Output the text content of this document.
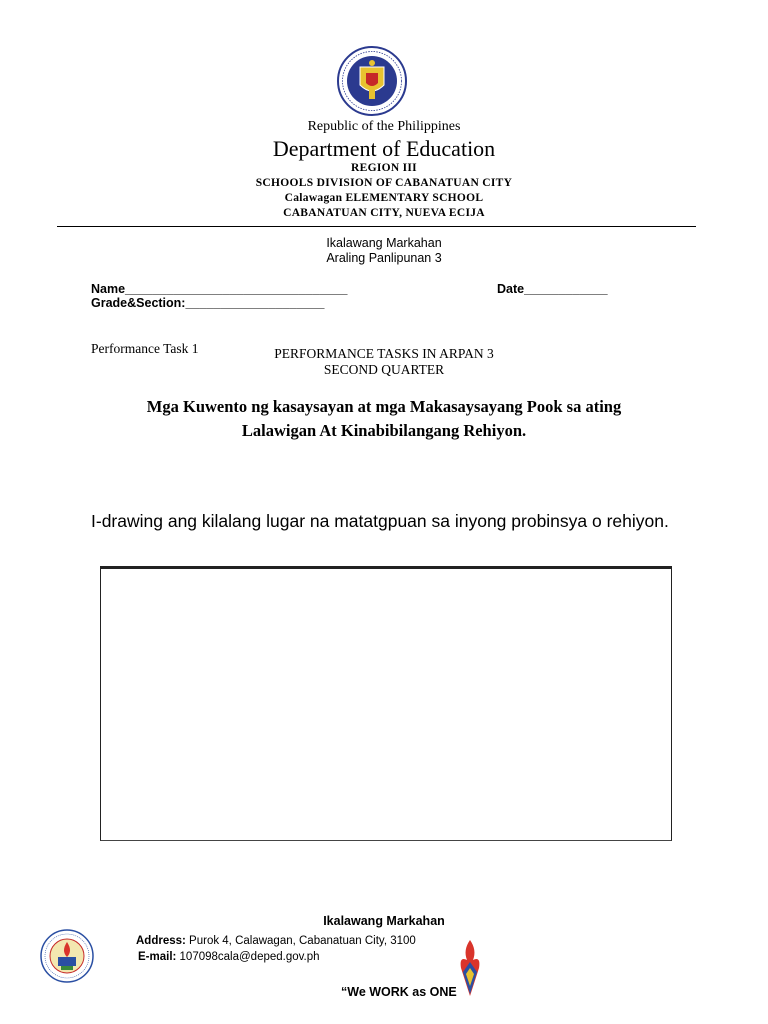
Republic of the Philippines
Department of Education
REGION III
SCHOOLS DIVISION OF CABANATUAN CITY
Calawagan ELEMENTARY SCHOOL
CABANATUAN CITY, NUEVA ECIJA
Ikalawang Markahan
Araling Panlipunan 3
Name________________________________	Date____________
Grade&Section:____________________
Performance Task 1	PERFORMANCE TASKS IN ARPAN 3
SECOND QUARTER
Mga Kuwento ng kasaysayan at mga Makasaysayang Pook sa ating
Lalawigan At Kinabibilangang Rehiyon.
I-drawing ang kilalang lugar na matatgpuan sa inyong probinsya o rehiyon.
Ikalawang Markahan
Address: Purok 4, Calawagan, Cabanatuan City, 3100
E-mail: 107098cala@deped.gov.ph
“We WORK as ONE
